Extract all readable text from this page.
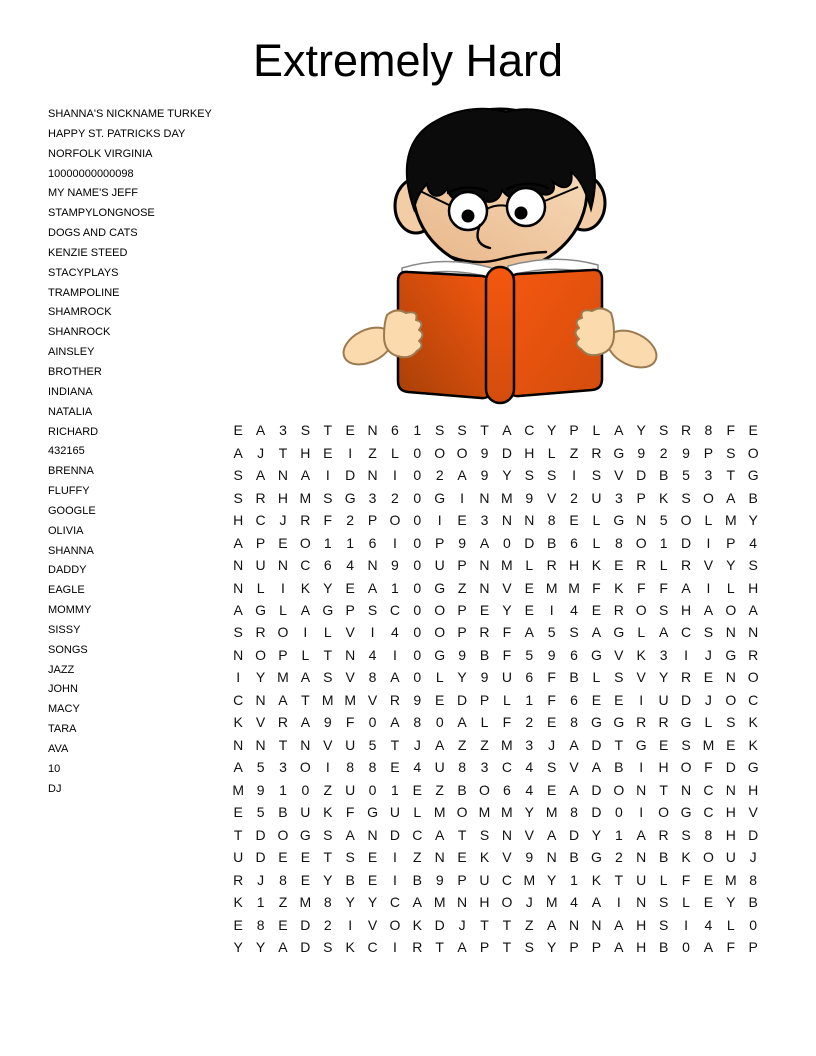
Extremely Hard
SHANNA'S NICKNAME TURKEY
HAPPY ST. PATRICKS DAY
NORFOLK VIRGINIA
10000000000098
MY NAME'S JEFF
STAMPYLONGNOSE
DOGS AND CATS
KENZIE STEED
STACYPLAYS
TRAMPOLINE
SHAMROCK
SHANROCK
AINSLEY
BROTHER
INDIANA
NATALIA
RICHARD
432165
BRENNA
FLUFFY
GOOGLE
OLIVIA
SHANNA
DADDY
EAGLE
MOMMY
SISSY
SONGS
JAZZ
JOHN
MACY
TARA
AVA
10
DJ
E A 3 S T E N 6	1 S S T A C Y P L A Y S R 8	F E
A	J	T H E	I	Z	L	0 O O 9 D H L	Z R G 9	2	9 P S O
S A N A	I	D N	I	0	2 A 9 Y S S	I	S V D B 5	3	T G
S R H M S G 3	2	0 G	I	N M 9 V 2 U 3 P K S O A B
H C J R F	2 P O 0	I	E 3 N N 8 E L G N 5 O L M Y
A P E O 1	1	6	I	0 P 9 A 0 D B 6	L	8 O 1 D	I	P 4
N U N C 6	4 N 9	0 U P N M L R H K E R L R V Y S
N L	I	K Y E A 1	0 G Z N V E M M F K F F A	I	L H
A G L A G P S C 0 O P E Y E	I	4 E R O S H A O A
S R O	I	L V	I	4	0 O P R F A 5 S A G L A C S N N
N O P L	T N 4	I	0 G 9 B F	5	9	6 G V K 3	I	J G R
I	Y M A S V 8 A 0	L Y 9 U 6	F B L S V Y R E N O
C N A T M M V R 9 E D P L	1	F	6 E E	I	U D J O C
K V R A 9	F	0 A 8	0 A L	F	2 E 8 G G R R G L S K
N N T N V U 5	T	J	A Z Z M 3	J	A D T G E S M E K
A 5	3 O	I	8	8 E 4 U 8	3 C 4 S V A B	I	H O F D G
M 9	1	0	Z U 0	1 E Z B O 6	4 E A D O N T N C N H
E 5 B U K F G U L M O M M Y M 8 D 0	I	O G C H V
T D O G S A N D C A T S N V A D Y 1 A R S 8 H D
U D E E T S E	I	Z N E K V 9 N B G 2 N B K O U J
R J	8 E Y B E	I	B 9 P U C M Y 1 K T U L	F E M 8
K 1	Z M 8 Y Y C A M N H O J M 4 A	I	N S L E Y B
E 8 E D 2	I	V O K D J	T T Z A N N A H S	I	4	L	0
Y Y A D S K C	I	R T A P T S Y P P A H B 0 A F P
